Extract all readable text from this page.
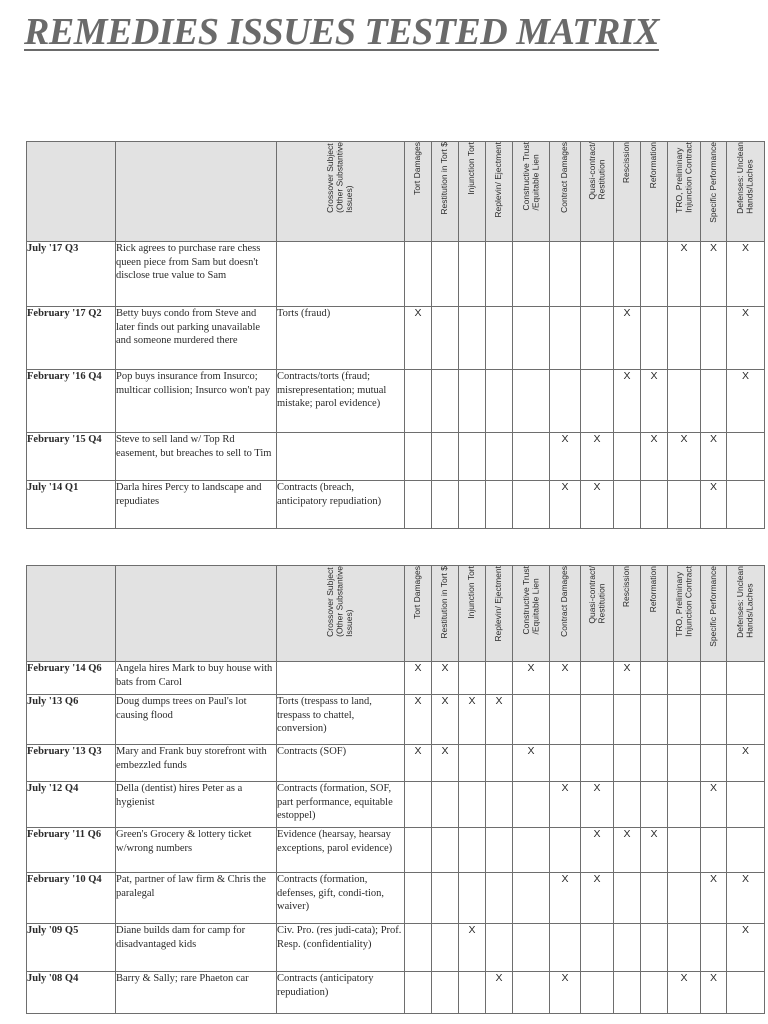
REMEDIES ISSUES TESTED MATRIX

		Crossover Subject
(Other Substantive
Issues)	Tort Damages	Restitution in Tort $	Injunction Tort	Replevin/ Ejectment	Constructive Trust
/Equitable Lien	Contract Damages	Quasi-contract/
Restitution	Rescission	Reformation	TRO, Preliminary
Injunction Contract	Specific Performance	Defenses: Unclean
Hands/Laches

July '17 Q3	Rick agrees to purchase rare chess queen piece from Sam but doesn't disclose true value to Sam											X	X	X
February '17 Q2	Betty buys condo from Steve and later finds out parking unavailable and someone murdered there	Torts (fraud)	X							X				X
February '16 Q4	Pop buys insurance from Insurco; multicar collision; Insurco won't pay	Contracts/torts (fraud; misrepresentation; mutual mistake; parol evidence)								X	X			X
February '15 Q4	Steve to sell land w/ Top Rd easement, but breaches to sell to Tim							X	X		X	X	X	
July '14 Q1	Darla hires Percy to landscape and repudiates	Contracts (breach, anticipatory repudiation)						X	X				X	

		Crossover Subject
(Other Substantive
Issues)	Tort Damages	Restitution in Tort $	Injunction Tort	Replevin/ Ejectment	Constructive Trust
/Equitable Lien	Contract Damages	Quasi-contract/
Restitution	Rescission	Reformation	TRO, Preliminary
Injunction Contract	Specific Performance	Defenses: Unclean
Hands/Laches

February '14 Q6	Angela hires Mark to buy house with bats from Carol		X	X			X	X		X				
July '13 Q6	Doug dumps trees on Paul's lot causing flood	Torts (trespass to land, trespass to chattel, conversion)	X	X	X	X								
February '13 Q3	Mary and Frank buy storefront with embezzled funds	Contracts (SOF)	X	X			X							X
July '12 Q4	Della (dentist) hires Peter as a hygienist	Contracts (formation, SOF, part performance, equitable estoppel)						X	X				X	
February '11 Q6	Green's Grocery & lottery ticket w/wrong numbers	Evidence (hearsay, hearsay exceptions, parol evidence)							X	X	X			
February '10 Q4	Pat, partner of law firm & Chris the paralegal	Contracts (formation, defenses, gift, condi-tion, waiver)						X	X				X	X
July '09 Q5	Diane builds dam for camp for disadvantaged kids	Civ. Pro. (res judi-cata); Prof. Resp. (confidentiality)			X									X
July '08 Q4	Barry & Sally; rare Phaeton car	Contracts (anticipatory repudiation)				X		X				X	X	
